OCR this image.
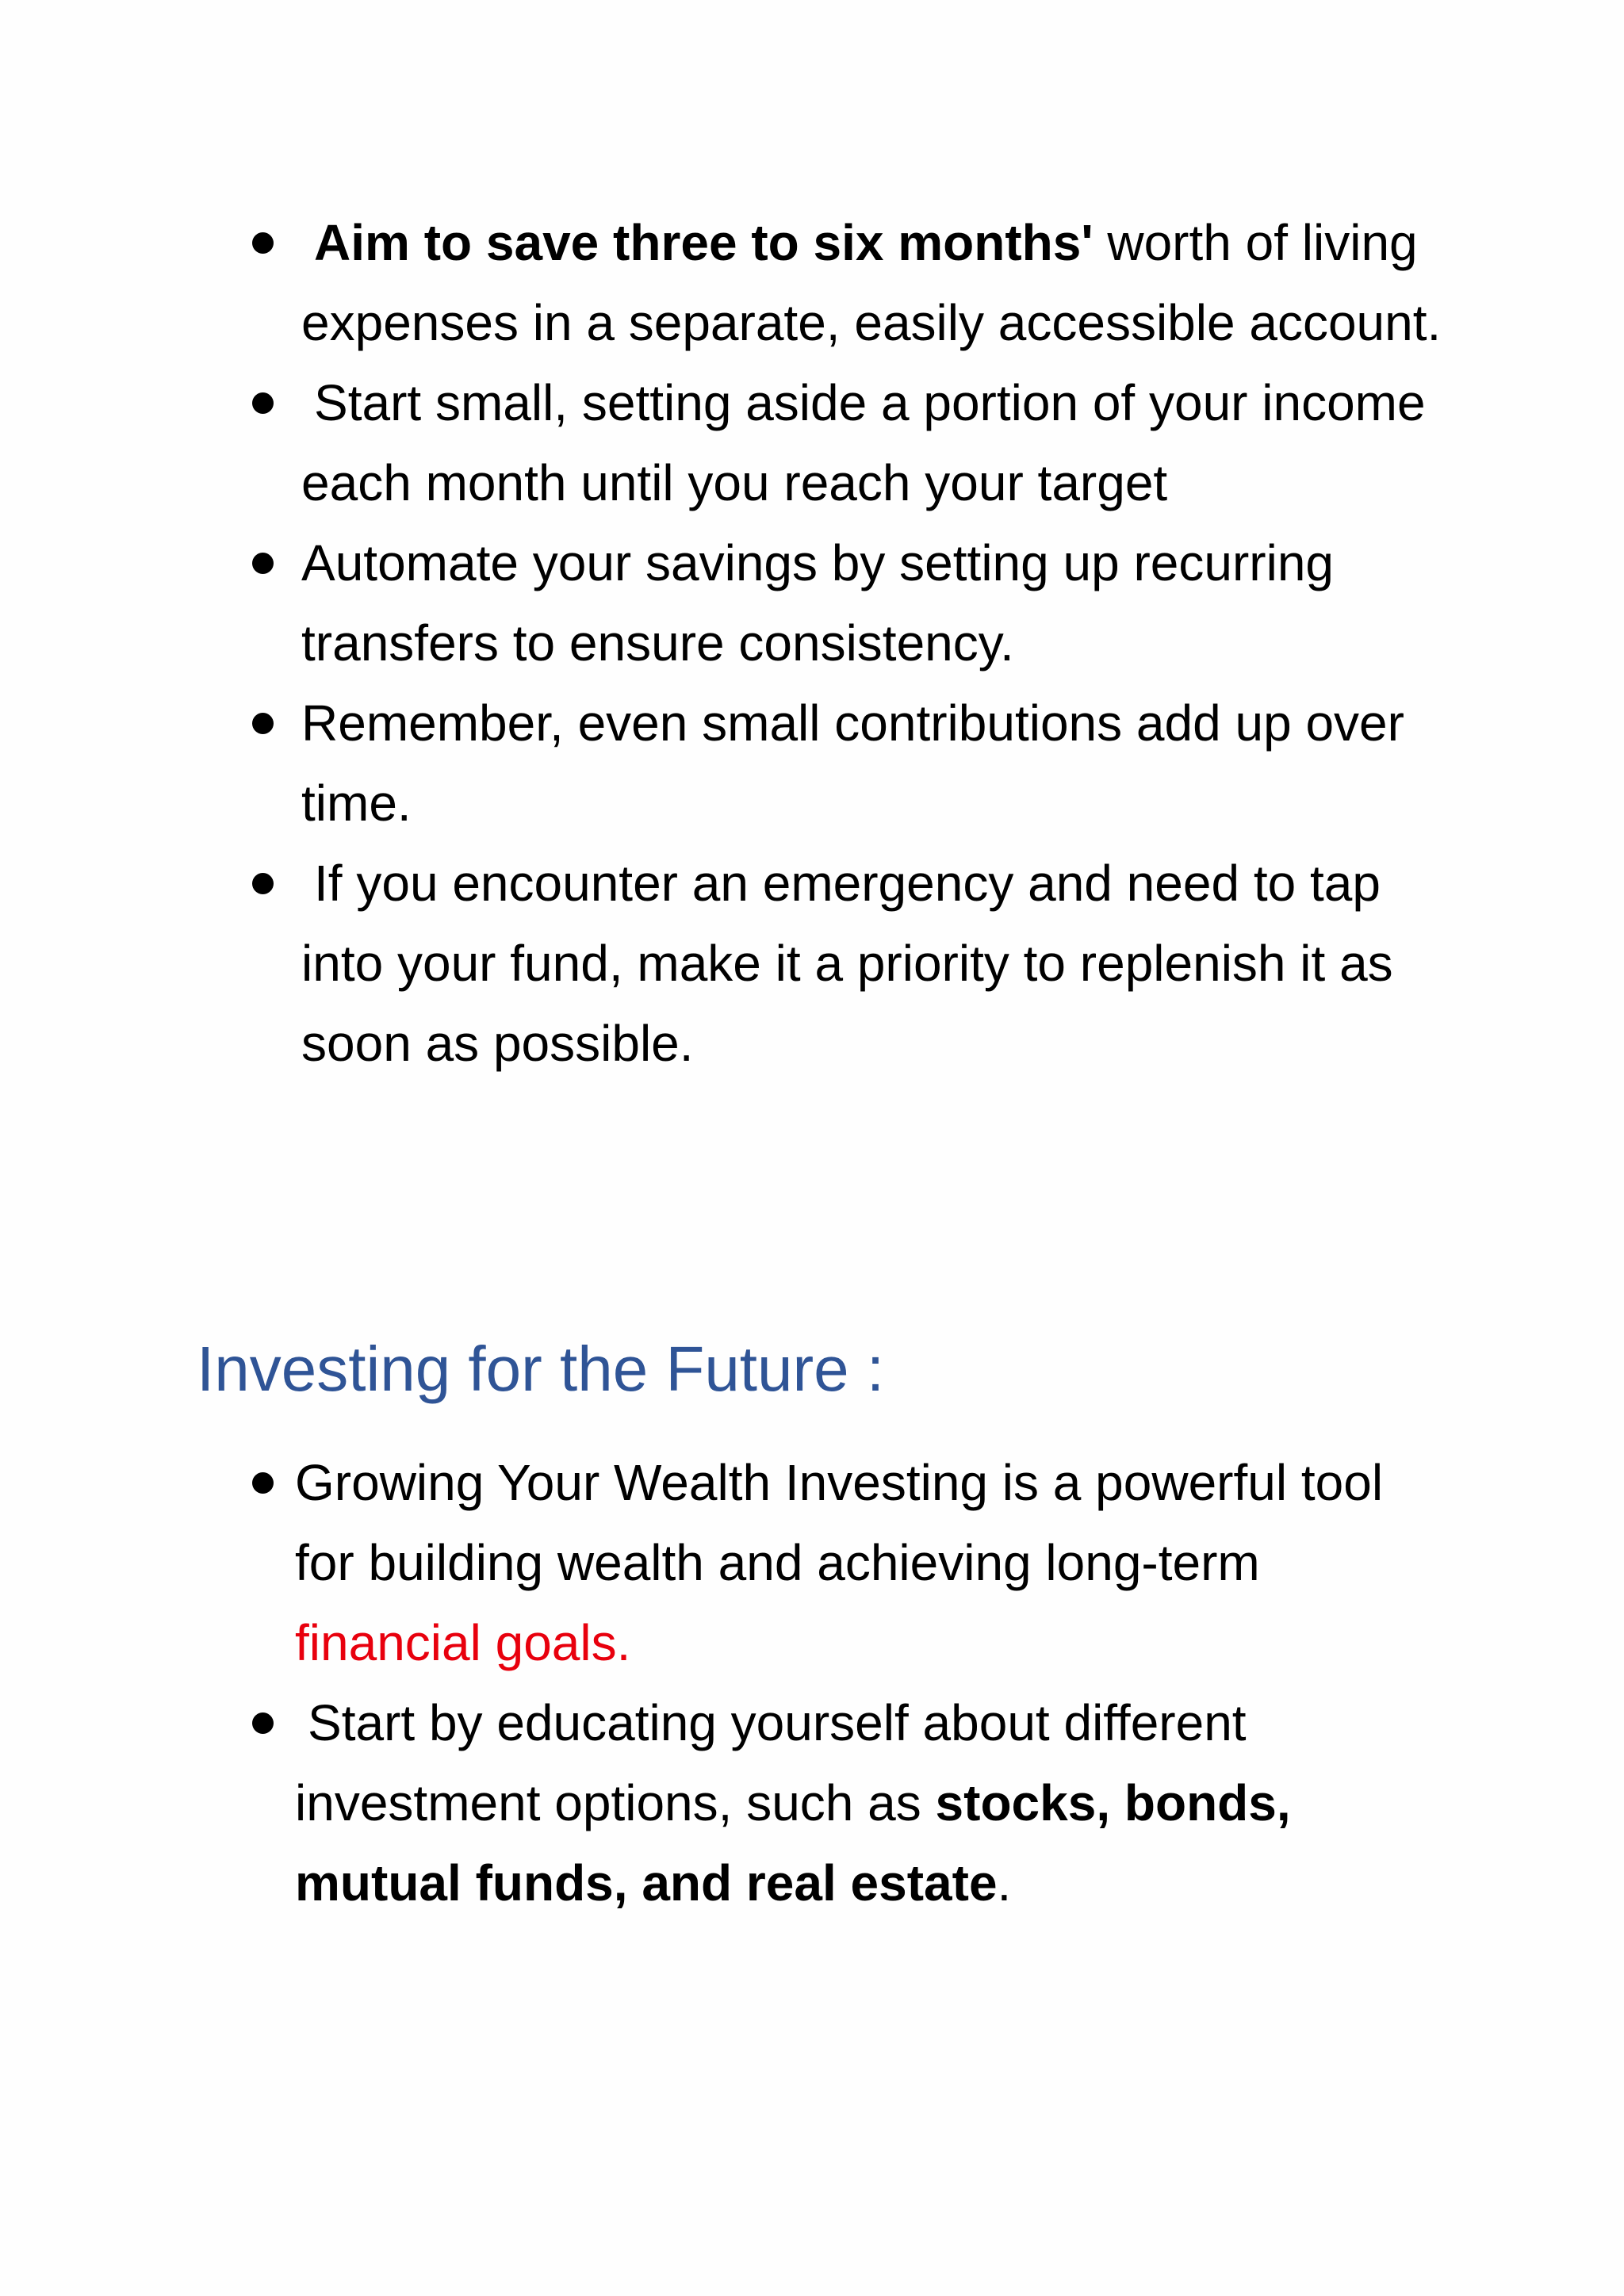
Aim to save three to six months' worth of living expenses in a separate, easily accessible account.
Start small, setting aside a portion of your income each month until you reach your target
Automate your savings by setting up recurring transfers to ensure consistency.
Remember, even small contributions add up over time.
If you encounter an emergency and need to tap into your fund, make it a priority to replenish it as soon as possible.
Investing for the Future :
Growing Your Wealth Investing is a powerful tool for building wealth and achieving long-term financial goals.
Start by educating yourself about different investment options, such as stocks, bonds, mutual funds, and real estate.
